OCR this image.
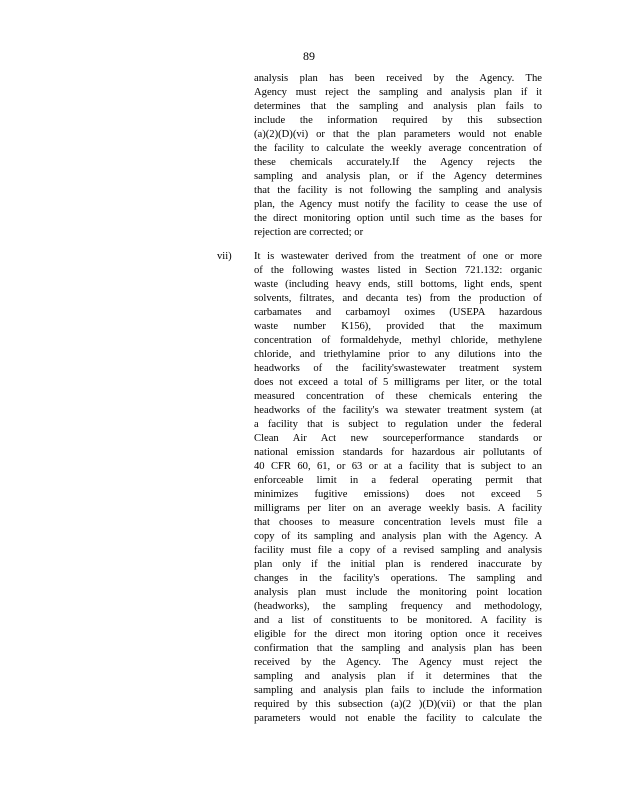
89
analysis plan has been received by the Agency. The
Agency must reject the sampling and analysis plan if it
determines that the sampling and analysis plan fails to
include the information required by this subsection
(a)(2)(D)(vi) or that the plan parameters would not enable
the facility to calculate the weekly average concentration of
these chemicals accurately.If the Agency rejects the
sampling and analysis plan, or if the Agency determines
that the facility is not following the sampling and analysis
plan, the Agency must notify the facility to cease the use of
the direct monitoring option until such time as the bases for
rejection are corrected; or
vii) It is wastewater derived from the treatment of one or more
of the following wastes listed in Section 721.132: organic
waste (including heavy ends, still bottoms, light ends, spent
solvents, filtrates, and decanta tes) from the production of
carbamates and carbamoyl oximes (USEPA hazardous
waste number K156), provided that the maximum
concentration of formaldehyde, methyl chloride, methylene
chloride, and triethylamine prior to any dilutions into the
headworks of the facility'swastewater treatment system
does not exceed a total of 5 milligrams per liter, or the total
measured concentration of these chemicals entering the
headworks of the facility's wa stewater treatment system (at
a facility that is subject to regulation under the federal
Clean Air Act new sourceperformance standards or
national emission standards for hazardous air pollutants of
40 CFR 60, 61, or 63 or at a facility that is subject to an
enforceable limit in a federal operating permit that
minimizes fugitive emissions) does not exceed 5
milligrams per liter on an average weekly basis. A facility
that chooses to measure concentration levels must file a
copy of its sampling and analysis plan with the Agency. A
facility must file a copy of a revised sampling and analysis
plan only if the initial plan is rendered inaccurate by
changes in the facility's operations. The sampling and
analysis plan must include the monitoring point location
(headworks), the sampling frequency and methodology,
and a list of constituents to be monitored. A facility is
eligible for the direct mon itoring option once it receives
confirmation that the sampling and analysis plan has been
received by the Agency. The Agency must reject the
sampling and analysis plan if it determines that the
sampling and analysis plan fails to include the information
required by this subsection (a)(2 )(D)(vii) or that the plan
parameters would not enable the facility to calculate the
